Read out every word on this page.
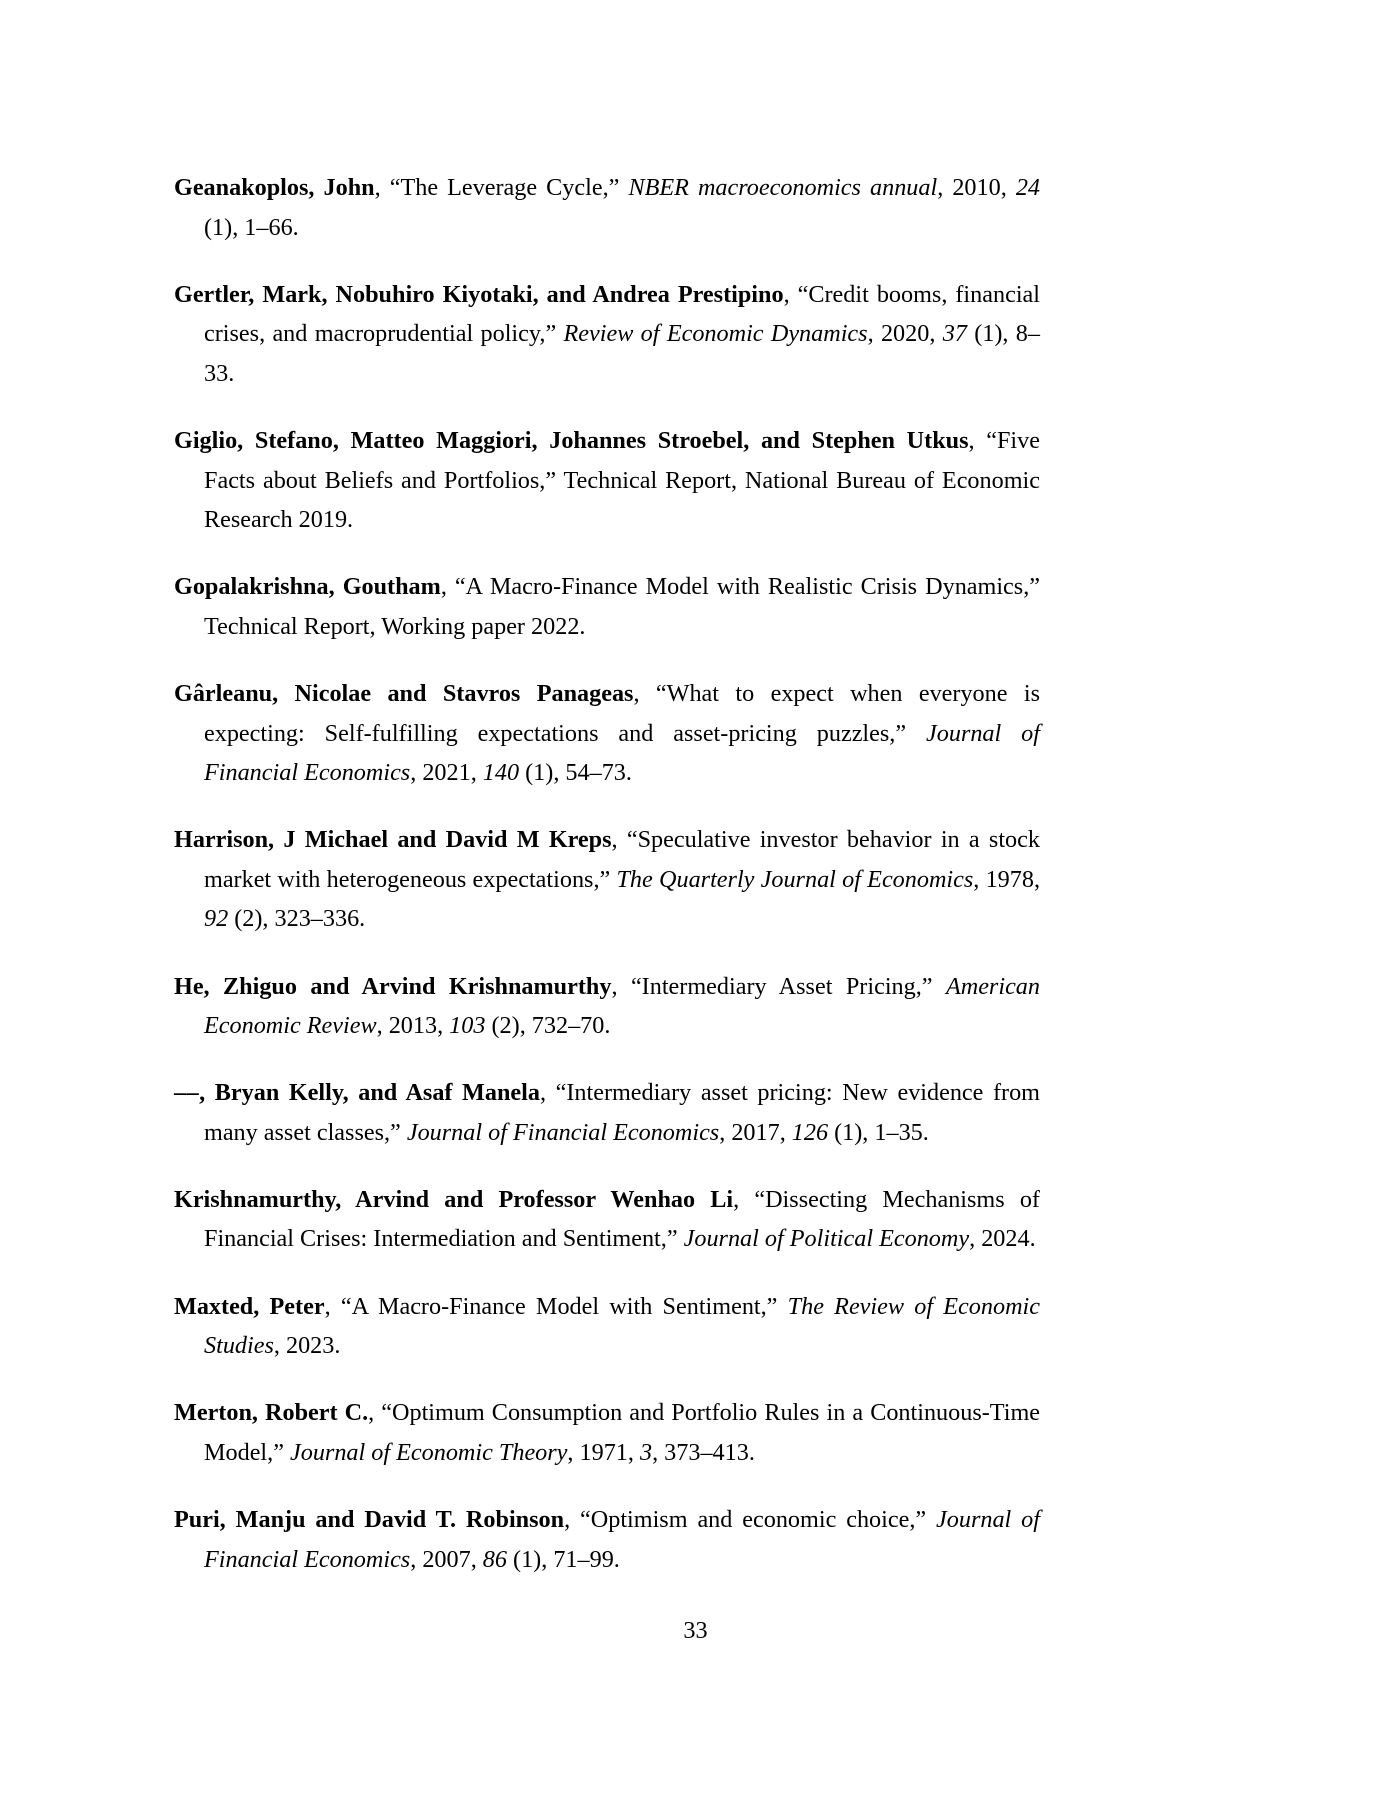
Geanakoplos, John, “The Leverage Cycle,” NBER macroeconomics annual, 2010, 24 (1), 1–66.

Gertler, Mark, Nobuhiro Kiyotaki, and Andrea Prestipino, “Credit booms, financial crises, and macroprudential policy,” Review of Economic Dynamics, 2020, 37 (1), 8–33.

Giglio, Stefano, Matteo Maggiori, Johannes Stroebel, and Stephen Utkus, “Five Facts about Beliefs and Portfolios,” Technical Report, National Bureau of Economic Research 2019.

Gopalakrishna, Goutham, “A Macro-Finance Model with Realistic Crisis Dynamics,” Technical Report, Working paper 2022.

Gârleanu, Nicolae and Stavros Panageas, “What to expect when everyone is expecting: Self-fulfilling expectations and asset-pricing puzzles,” Journal of Financial Economics, 2021, 140 (1), 54–73.

Harrison, J Michael and David M Kreps, “Speculative investor behavior in a stock market with heterogeneous expectations,” The Quarterly Journal of Economics, 1978, 92 (2), 323–336.

He, Zhiguo and Arvind Krishnamurthy, “Intermediary Asset Pricing,” American Economic Review, 2013, 103 (2), 732–70.

––, Bryan Kelly, and Asaf Manela, “Intermediary asset pricing: New evidence from many asset classes,” Journal of Financial Economics, 2017, 126 (1), 1–35.

Krishnamurthy, Arvind and Professor Wenhao Li, “Dissecting Mechanisms of Financial Crises: Intermediation and Sentiment,” Journal of Political Economy, 2024.

Maxted, Peter, “A Macro-Finance Model with Sentiment,” The Review of Economic Studies, 2023.

Merton, Robert C., “Optimum Consumption and Portfolio Rules in a Continuous-Time Model,” Journal of Economic Theory, 1971, 3, 373–413.

Puri, Manju and David T. Robinson, “Optimism and economic choice,” Journal of Financial Economics, 2007, 86 (1), 71–99.

33
